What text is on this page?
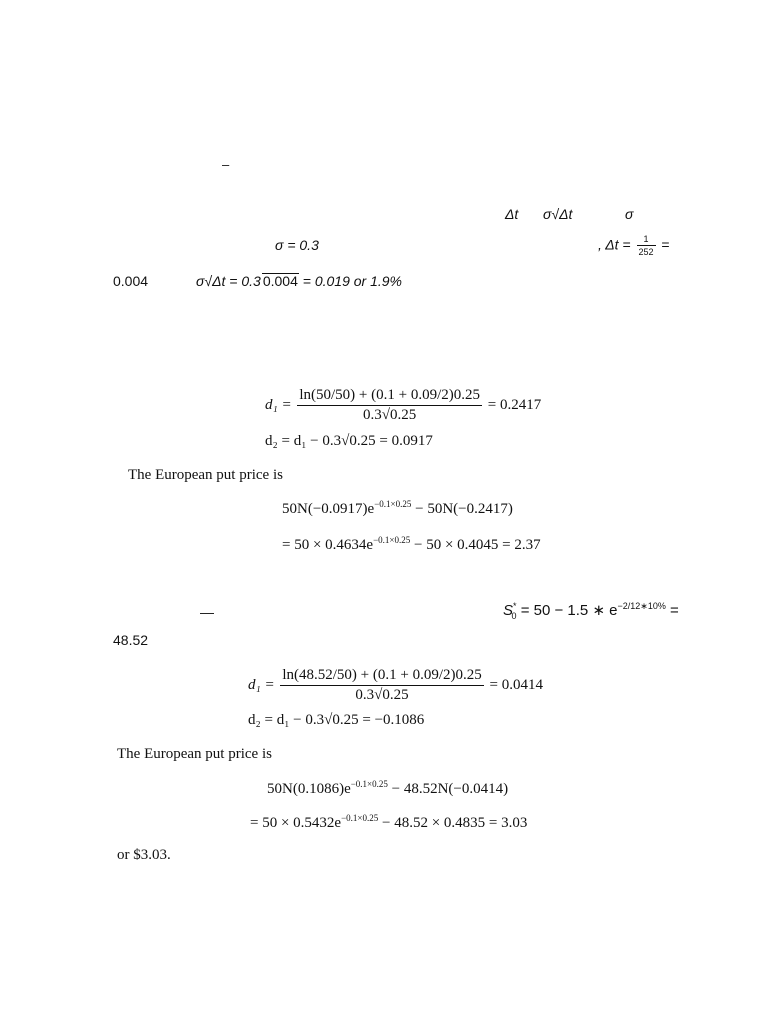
–
Δt σ√Δt	σ
σ = 0.3	, $\Delta t = \frac{1}{252}$ =
0.004	σ√Δt = 0.3 0.004 = 0.019 or 1.9%
$d_1 = \frac{\ln(50/50) + (0.1 + 0.09/2)0.25}{0.3√0.25} = 0.2417$
d₂ = d₁ − 0.3√0.25 = 0.0917
The European put price is
$50N(-0.0917)e^{-0.1\times 0.25} - 50N(-0.2417)$
= $50 \times 0.4634e^{-0.1\times 0.25} - 50 \times 0.4045 = 2.37$
—	$S^*_0 = 50 - 1.5$ ∗ $e^{-2/12∗10\%}$ =
48.52
$d_1 = \frac{\ln(48.52/50) + (0.1 + 0.09/2)0.25}{0.3√0.25} = 0.0414$
d₂ = d₁ − 0.3√0.25 = −0.1086
The European put price is
$50N(0.1086)e^{-0.1\times 0.25} - 48.52N(-0.0414)$
= $50 \times 0.5432e^{-0.1\times 0.25} - 48.52 \times 0.4835 = 3.03$
or $3.03.
